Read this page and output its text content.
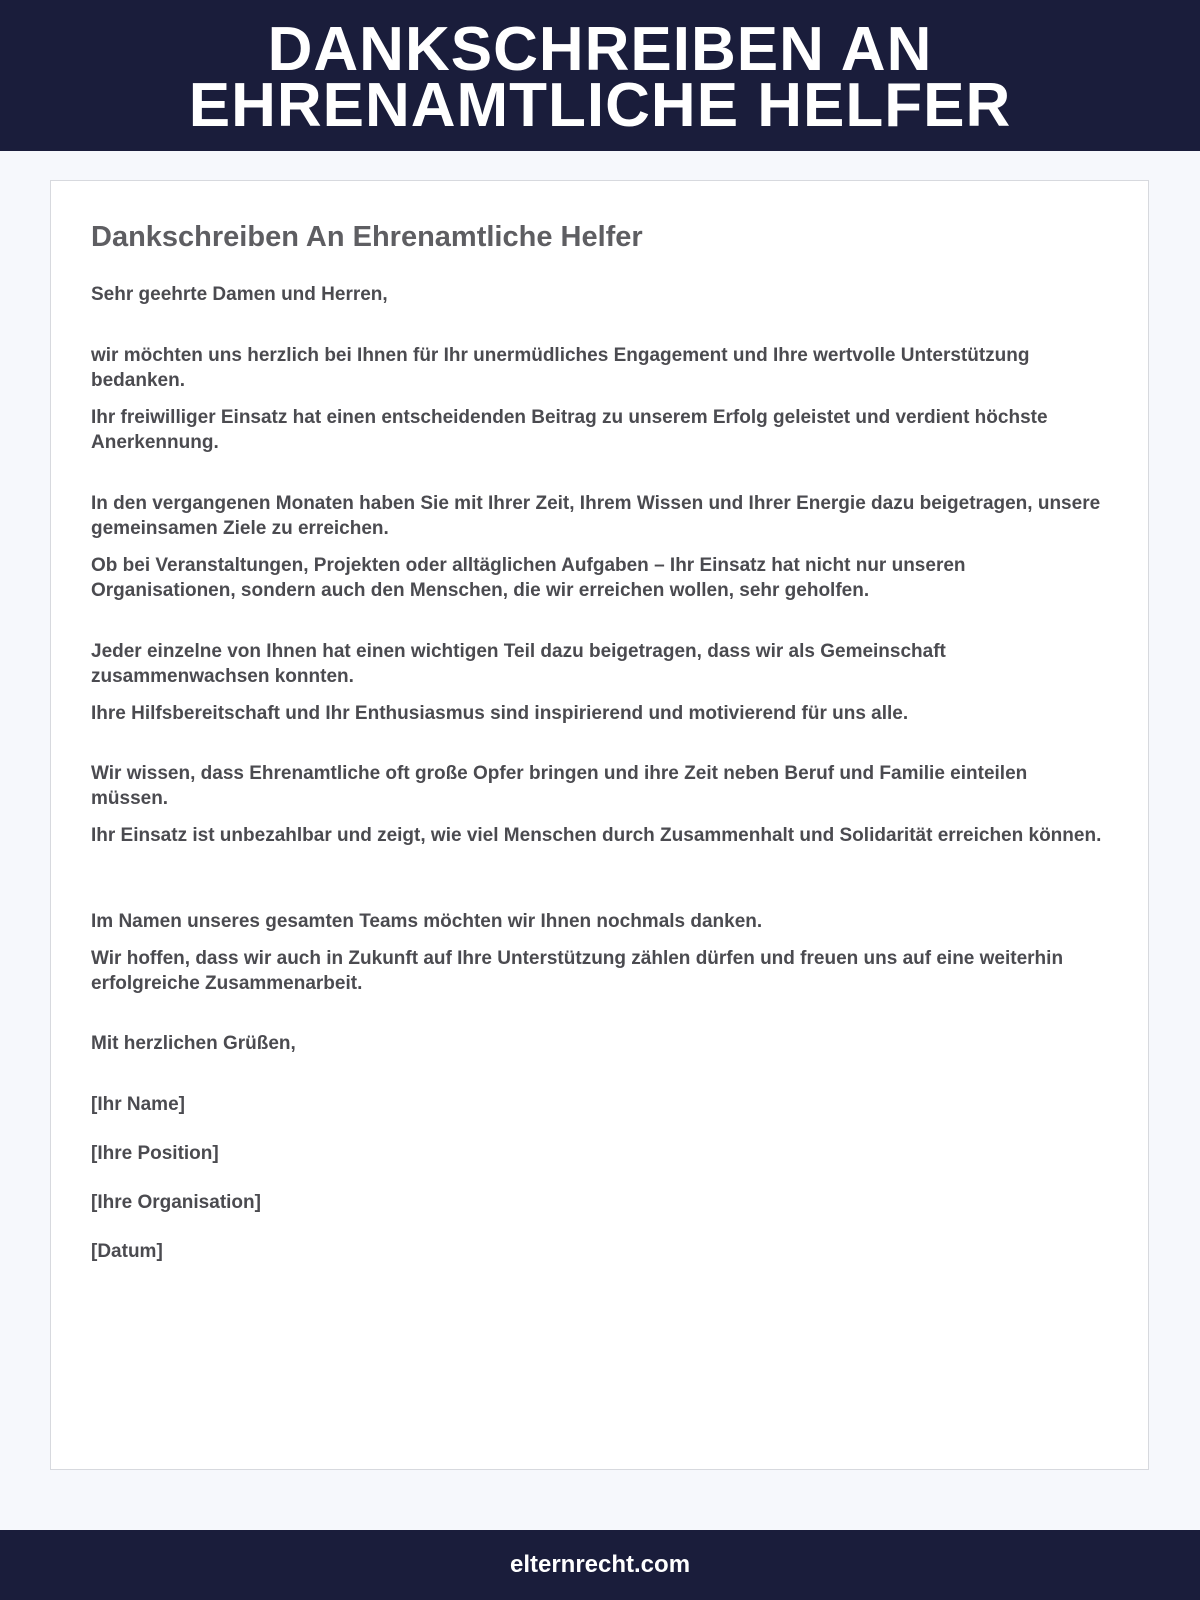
DANKSCHREIBEN AN EHRENAMTLICHE HELFER
Dankschreiben An Ehrenamtliche Helfer

Sehr geehrte Damen und Herren,

wir möchten uns herzlich bei Ihnen für Ihr unermüdliches Engagement und Ihre wertvolle Unterstützung bedanken.

Ihr freiwilliger Einsatz hat einen entscheidenden Beitrag zu unserem Erfolg geleistet und verdient höchste Anerkennung.

In den vergangenen Monaten haben Sie mit Ihrer Zeit, Ihrem Wissen und Ihrer Energie dazu beigetragen, unsere gemeinsamen Ziele zu erreichen.

Ob bei Veranstaltungen, Projekten oder alltäglichen Aufgaben – Ihr Einsatz hat nicht nur unseren Organisationen, sondern auch den Menschen, die wir erreichen wollen, sehr geholfen.

Jeder einzelne von Ihnen hat einen wichtigen Teil dazu beigetragen, dass wir als Gemeinschaft zusammenwachsen konnten.

Ihre Hilfsbereitschaft und Ihr Enthusiasmus sind inspirierend und motivierend für uns alle.

Wir wissen, dass Ehrenamtliche oft große Opfer bringen und ihre Zeit neben Beruf und Familie einteilen müssen.

Ihr Einsatz ist unbezahlbar und zeigt, wie viel Menschen durch Zusammenhalt und Solidarität erreichen können.

Im Namen unseres gesamten Teams möchten wir Ihnen nochmals danken.

Wir hoffen, dass wir auch in Zukunft auf Ihre Unterstützung zählen dürfen und freuen uns auf eine weiterhin erfolgreiche Zusammenarbeit.

Mit herzlichen Grüßen,

[Ihr Name]

[Ihre Position]

[Ihre Organisation]

[Datum]

elternrecht.com
